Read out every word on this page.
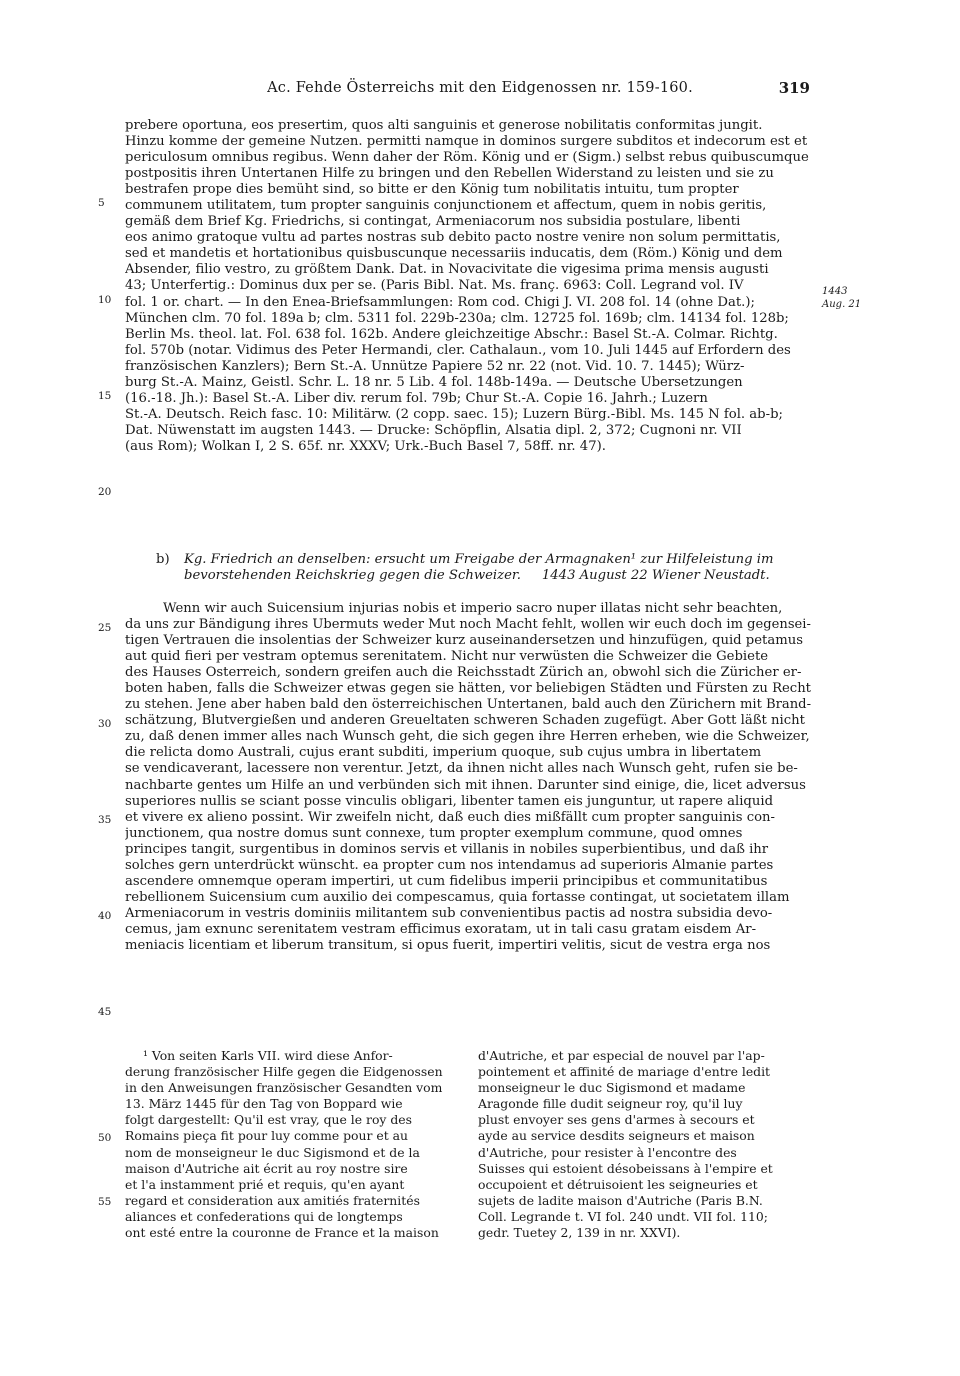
Ac. Fehde Österreichs mit den Eidgenossen nr. 159-160.	319
5
10
15
20
25
30
35
40
45
50
55
1443
Aug. 21
prebere oportuna, eos presertim, quos alti sanguinis et generose nobilitatis conformitas jungit.
Hinzu komme der gemeine Nutzen. permitti namque in dominos surgere subditos et indecorum est et
periculosum omnibus regibus. Wenn daher der Röm. König und er (Sigm.) selbst rebus quibuscumque
postpositis ihren Untertanen Hilfe zu bringen und den Rebellen Widerstand zu leisten und sie zu
bestrafen prope dies bemüht sind, so bitte er den König tum nobilitatis intuitu, tum propter
communem utilitatem, tum propter sanguinis conjunctionem et affectum, quem in nobis geritis,
gemäß dem Brief Kg. Friedrichs, si contingat, Armeniacorum nos subsidia postulare, libenti
eos animo gratoque vultu ad partes nostras sub debito pacto nostre venire non solum permittatis,
sed et mandetis et hortationibus quisbuscunque necessariis inducatis, dem (Röm.) König und dem
Absender, filio vestro, zu größtem Dank. Dat. in Novacivitate die vigesima prima mensis augusti
43; Unterfertig.: Dominus dux per se. (Paris Bibl. Nat. Ms. franç. 6963: Coll. Legrand vol. IV
fol. 1 or. chart. — In den Enea-Briefsammlungen: Rom cod. Chigi J. VI. 208 fol. 14 (ohne Dat.);
München clm. 70 fol. 189a b; clm. 5311 fol. 229b-230a; clm. 12725 fol. 169b; clm. 14134 fol. 128b;
Berlin Ms. theol. lat. Fol. 638 fol. 162b. Andere gleichzeitige Abschr.: Basel St.-A. Colmar. Richtg.
fol. 570b (notar. Vidimus des Peter Hermandi, cler. Cathalaun., vom 10. Juli 1445 auf Erfordern des
französischen Kanzlers); Bern St.-A. Unnütze Papiere 52 nr. 22 (not. Vid. 10. 7. 1445); Würz-
burg St.-A. Mainz, Geistl. Schr. L. 18 nr. 5 Lib. 4 fol. 148b-149a. — Deutsche Übersetzungen
(16.-18. Jh.): Basel St.-A. Liber div. rerum fol. 79b; Chur St.-A. Copie 16. Jahrh.; Luzern
St.-A. Deutsch. Reich fasc. 10: Militärw. (2 copp. saec. 15); Luzern Bürg.-Bibl. Ms. 145 N fol. ab-b;
Dat. Nüwenstatt im augsten 1443. — Drucke: Schöpflin, Alsatia dipl. 2, 372; Cugnoni nr. VII
(aus Rom); Wolkan I, 2 S. 65f. nr. XXXV; Urk.-Buch Basel 7, 58ff. nr. 47).
b)	Kg. Friedrich an denselben: ersucht um Freigabe der Armagnaken¹ zur Hilfeleistung im
bevorstehenden Reichskrieg gegen die Schweizer.     1443 August 22 Wiener Neustadt.
Wenn wir auch Suicensium injurias nobis et imperio sacro nuper illatas nicht sehr beachten,
da uns zur Bändigung ihres Übermuts weder Mut noch Macht fehlt, wollen wir euch doch im gegensei-
tigen Vertrauen die insolentias der Schweizer kurz auseinandersetzen und hinzufügen, quid petamus
aut quid fieri per vestram optemus serenitatem. Nicht nur verwüsten die Schweizer die Gebiete
des Hauses Österreich, sondern greifen auch die Reichsstadt Zürich an, obwohl sich die Züricher er-
boten haben, falls die Schweizer etwas gegen sie hätten, vor beliebigen Städten und Fürsten zu Recht
zu stehen. Jene aber haben bald den österreichischen Untertanen, bald auch den Zürichern mit Brand-
schätzung, Blutvergießen und anderen Greueltaten schweren Schaden zugefügt. Aber Gott läßt nicht
zu, daß denen immer alles nach Wunsch geht, die sich gegen ihre Herren erheben, wie die Schweizer,
die relicta domo Australi, cujus erant subditi, imperium quoque, sub cujus umbra in libertatem
se vendicaverant, lacessere non verentur. Jetzt, da ihnen nicht alles nach Wunsch geht, rufen sie be-
nachbarte gentes um Hilfe an und verbünden sich mit ihnen. Darunter sind einige, die, licet adversus
superiores nullis se sciant posse vinculis obligari, libenter tamen eis junguntur, ut rapere aliquid
et vivere ex alieno possint. Wir zweifeln nicht, daß euch dies mißfällt cum propter sanguinis con-
junctionem, qua nostre domus sunt connexe, tum propter exemplum commune, quod omnes
principes tangit, surgentibus in dominos servis et villanis in nobiles superbientibus, und daß ihr
solches gern unterdrückt wünscht. ea propter cum nos intendamus ad superioris Almanie partes
ascendere omnemque operam impertiri, ut cum fidelibus imperii principibus et communitatibus
rebellionem Suicensium cum auxilio dei compescamus, quia fortasse contingat, ut societatem illam
Armeniacorum in vestris dominiis militantem sub convenientibus pactis ad nostra subsidia devo-
cemus, jam exnunc serenitatem vestram efficimus exoratam, ut in tali casu gratam eisdem Ar-
meniacis licentiam et liberum transitum, si opus fuerit, impertiri velitis, sicut de vestra erga nos
¹ Von seiten Karls VII. wird diese Anfor-
derung französischer Hilfe gegen die Eidgenossen
in den Anweisungen französischer Gesandten vom
13. März 1445 für den Tag von Boppard wie
folgt dargestellt: Qu'il est vray, que le roy des
Romains pieça fit pour luy comme pour et au
nom de monseigneur le duc Sigismond et de la
maison d'Autriche ait écrit au roy nostre sire
et l'a instamment prié et requis, qu'en ayant
regard et consideration aux amitiés fraternités
aliances et confederations qui de longtemps
ont esté entre la couronne de France et la maison
d'Autriche, et par especial de nouvel par l'ap-
pointement et affinité de mariage d'entre ledit
monseigneur le duc Sigismond et madame
Aragonde fille dudit seigneur roy, qu'il luy
plust envoyer ses gens d'armes à secours et
ayde au service desdits seigneurs et maison
d'Autriche, pour resister à l'encontre des
Suisses qui estoient désobeissans à l'empire et
occupoient et détruisoient les seigneuries et
sujets de ladite maison d'Autriche (Paris B.N.
Coll. Legrande t. VI fol. 240 undt. VII fol. 110;
gedr. Tuetey 2, 139 in nr. XXVI).
